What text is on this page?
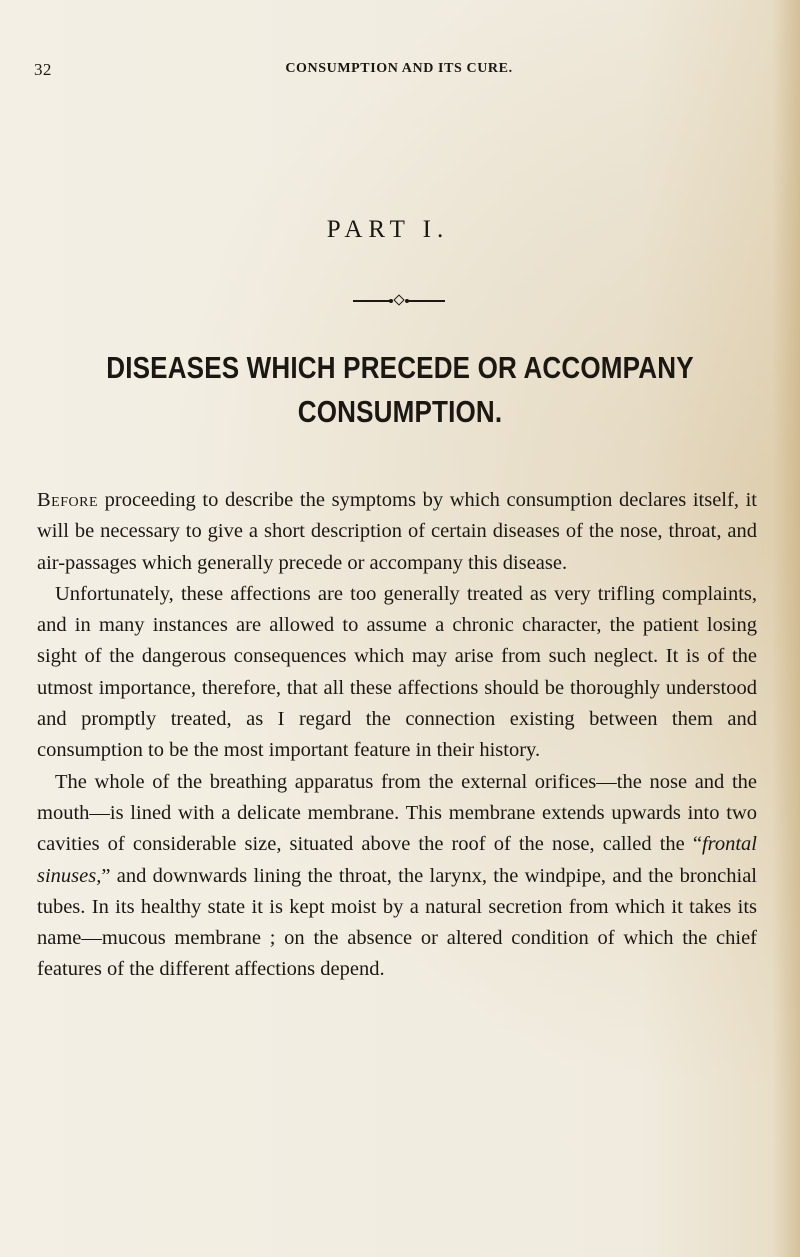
32	CONSUMPTION AND ITS CURE.
PART I.
DISEASES WHICH PRECEDE OR ACCOMPANY
CONSUMPTION.

Before proceeding to describe the symptoms by which consumption declares itself, it will be necessary to give a short description of certain diseases of the nose, throat, and air-passages which generally precede or accompany this disease.

Unfortunately, these affections are too generally treated as very trifling complaints, and in many instances are allowed to assume a chronic character, the patient losing sight of the dangerous consequences which may arise from such neglect. It is of the utmost importance, therefore, that all these affections should be thoroughly understood and promptly treated, as I regard the connection existing between them and consumption to be the most important feature in their history.

The whole of the breathing apparatus from the external orifices—the nose and the mouth—is lined with a delicate membrane. This membrane extends upwards into two cavities of considerable size, situated above the roof of the nose, called the “frontal sinuses,” and downwards lining the throat, the larynx, the windpipe, and the bronchial tubes. In its healthy state it is kept moist by a natural secretion from which it takes its name—mucous membrane ; on the absence or altered condition of which the chief features of the different affections depend.
